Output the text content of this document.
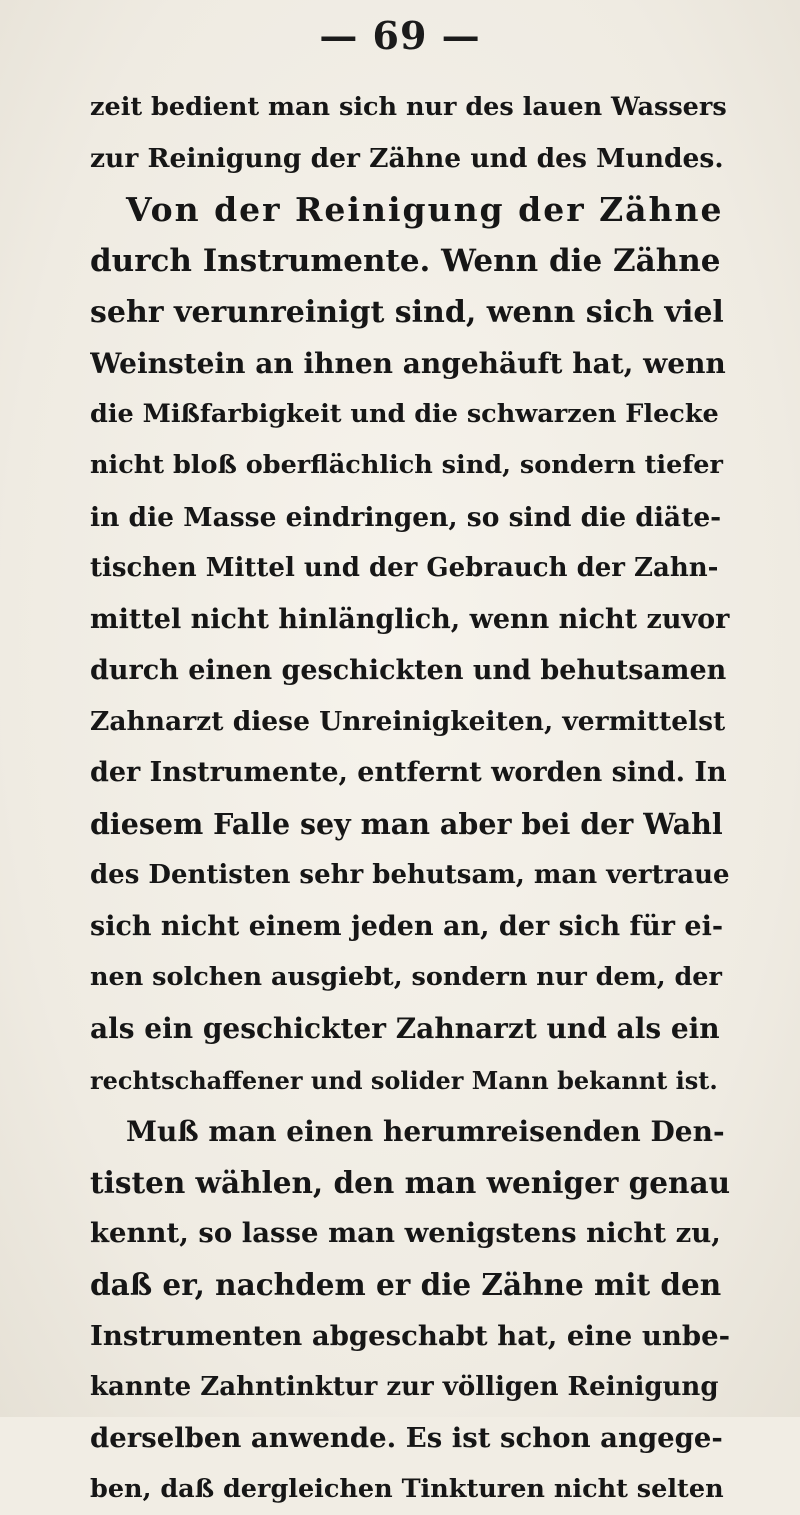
— 69 —
zeit bedient man sich nur des lauen Wassers
zur Reinigung der Zähne und des Mundes.
Von der Reinigung der Zähne
durch Instrumente. Wenn die Zähne
sehr verunreinigt sind, wenn sich viel
Weinstein an ihnen angehäuft hat, wenn
die Mißfarbigkeit und die schwarzen Flecke
nicht bloß oberflächlich sind, sondern tiefer
in die Masse eindringen, so sind die diäte-
tischen Mittel und der Gebrauch der Zahn-
mittel nicht hinlänglich, wenn nicht zuvor
durch einen geschickten und behutsamen
Zahnarzt diese Unreinigkeiten, vermittelst
der Instrumente, entfernt worden sind. In
diesem Falle sey man aber bei der Wahl
des Dentisten sehr behutsam, man vertraue
sich nicht einem jeden an, der sich für ei-
nen solchen ausgiebt, sondern nur dem, der
als ein geschickter Zahnarzt und als ein
rechtschaffener und solider Mann bekannt ist.
Muß man einen herumreisenden Den-
tisten wählen, den man weniger genau
kennt, so lasse man wenigstens nicht zu,
daß er, nachdem er die Zähne mit den
Instrumenten abgeschabt hat, eine unbe-
kannte Zahntinktur zur völligen Reinigung
derselben anwende. Es ist schon angege-
ben, daß dergleichen Tinkturen nicht selten
